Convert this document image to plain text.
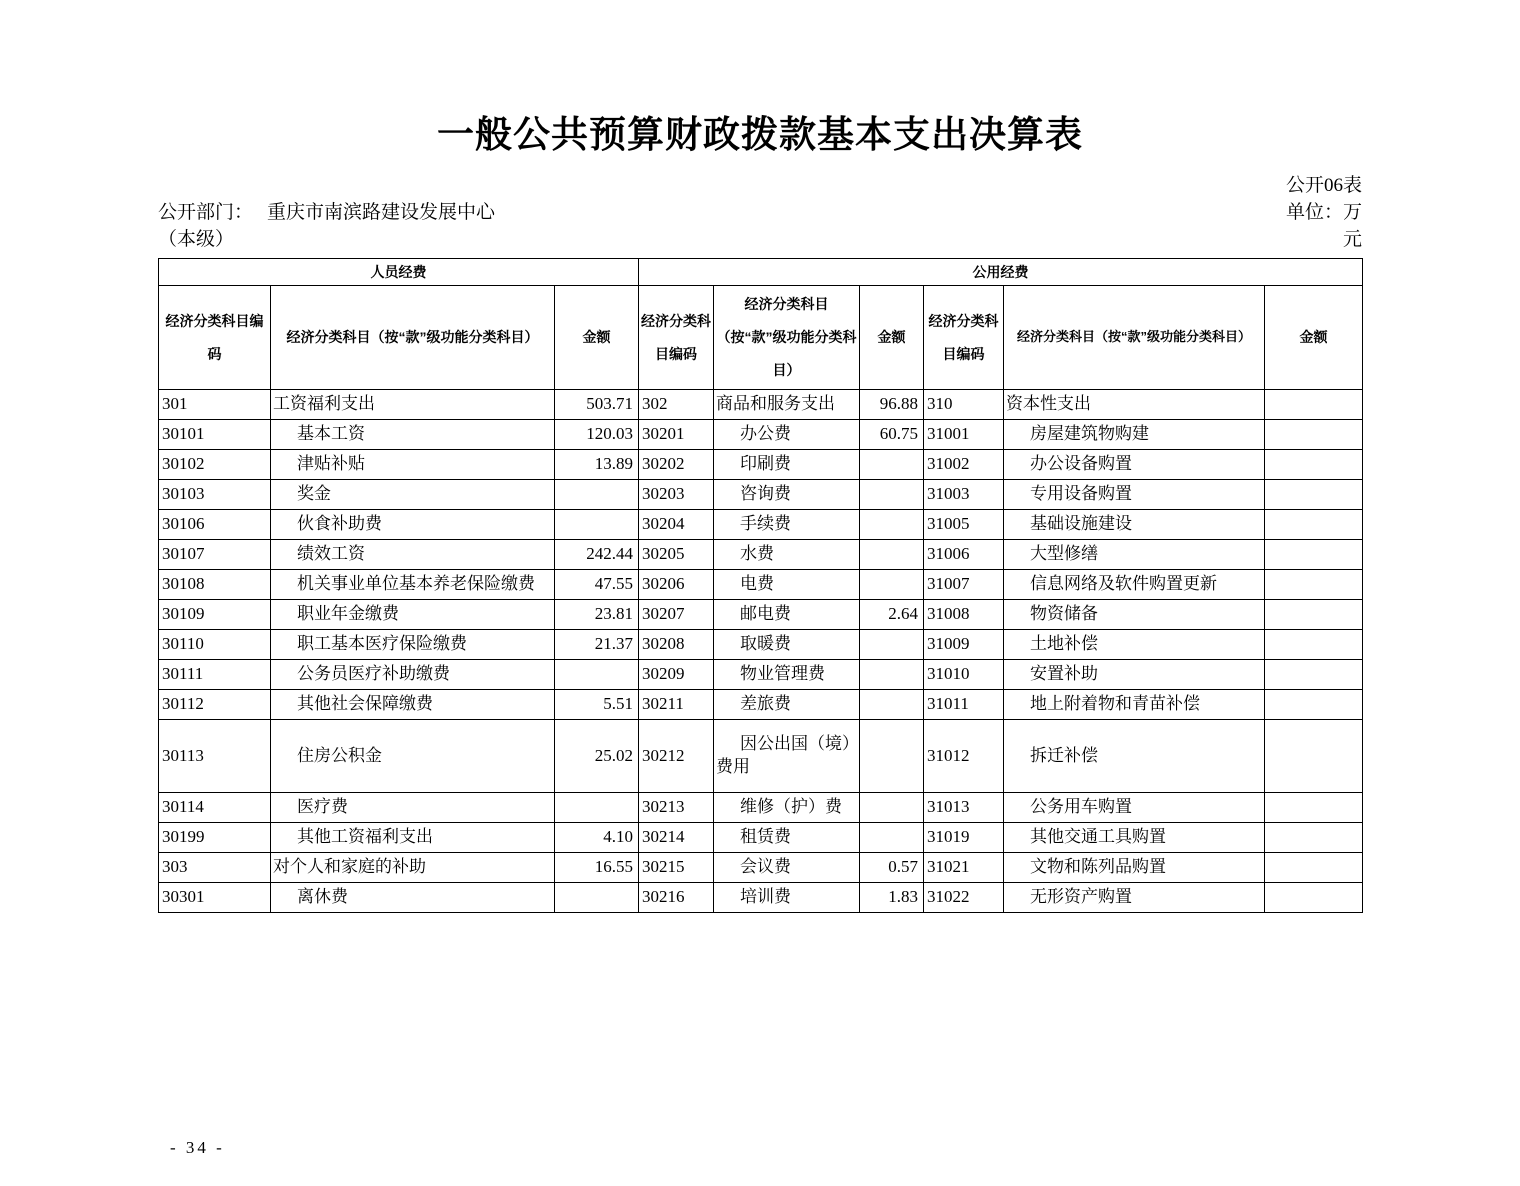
一般公共预算财政拨款基本支出决算表
公开06表
公开部门： 重庆市南滨路建设发展中心
（本级）
单位：万
元
人员经费			公用经费					
经济分类科目编码	经济分类科目（按“款”级功能分类科目）	金额	经济分类科目编码	经济分类科目（按“款”级功能分类科目）	金额	经济分类科目编码	经济分类科目（按“款”级功能分类科目）	金额
301	工资福利支出	503.71	302	商品和服务支出	96.88	310	资本性支出	
30101	基本工资	120.03	30201	办公费	60.75	31001	房屋建筑物购建	
30102	津贴补贴	13.89	30202	印刷费		31002	办公设备购置	
30103	奖金		30203	咨询费		31003	专用设备购置	
30106	伙食补助费		30204	手续费		31005	基础设施建设	
30107	绩效工资	242.44	30205	水费		31006	大型修缮	
30108	机关事业单位基本养老保险缴费	47.55	30206	电费		31007	信息网络及软件购置更新	
30109	职业年金缴费	23.81	30207	邮电费	2.64	31008	物资储备	
30110	职工基本医疗保险缴费	21.37	30208	取暖费		31009	土地补偿	
30111	公务员医疗补助缴费		30209	物业管理费		31010	安置补助	
30112	其他社会保障缴费	5.51	30211	差旅费		31011	地上附着物和青苗补偿	
30113	住房公积金	25.02	30212	因公出国（境）费用		31012	拆迁补偿	
30114	医疗费		30213	维修（护）费		31013	公务用车购置	
30199	其他工资福利支出	4.10	30214	租赁费		31019	其他交通工具购置	
303	对个人和家庭的补助	16.55	30215	会议费	0.57	31021	文物和陈列品购置	
30301	离休费		30216	培训费	1.83	31022	无形资产购置	
- 34 -
